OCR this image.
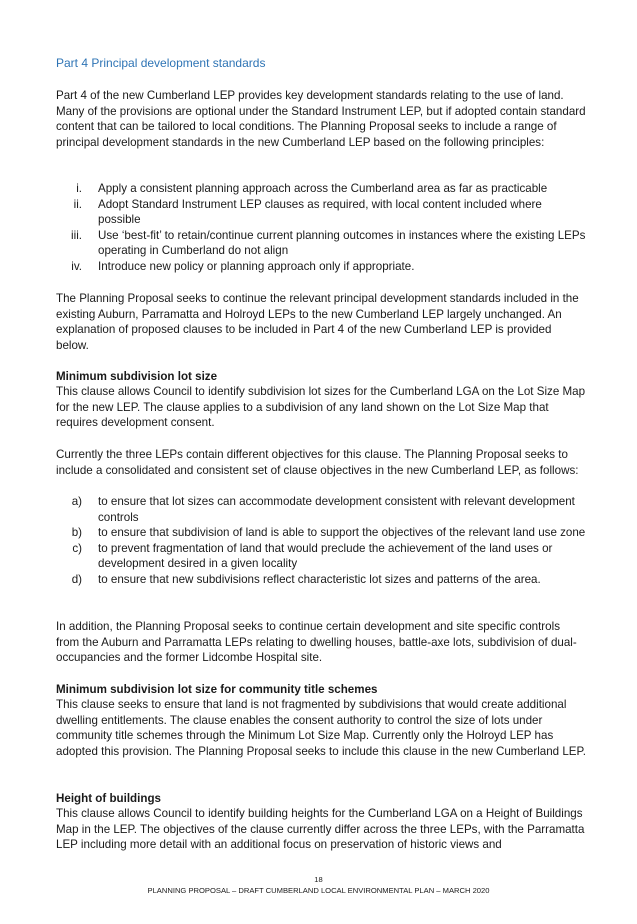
Part 4 Principal development standards

Part 4 of the new Cumberland LEP provides key development standards relating to the use of land. Many of the provisions are optional under the Standard Instrument LEP, but if adopted contain standard content that can be tailored to local conditions. The Planning Proposal seeks to include a range of principal development standards in the new Cumberland LEP based on the following principles:

i. Apply a consistent planning approach across the Cumberland area as far as practicable
ii. Adopt Standard Instrument LEP clauses as required, with local content included where possible
iii. Use ‘best-fit’ to retain/continue current planning outcomes in instances where the existing LEPs operating in Cumberland do not align
iv. Introduce new policy or planning approach only if appropriate.

The Planning Proposal seeks to continue the relevant principal development standards included in the existing Auburn, Parramatta and Holroyd LEPs to the new Cumberland LEP largely unchanged. An explanation of proposed clauses to be included in Part 4 of the new Cumberland LEP is provided below.

Minimum subdivision lot size

This clause allows Council to identify subdivision lot sizes for the Cumberland LGA on the Lot Size Map for the new LEP. The clause applies to a subdivision of any land shown on the Lot Size Map that requires development consent.

Currently the three LEPs contain different objectives for this clause. The Planning Proposal seeks to include a consolidated and consistent set of clause objectives in the new Cumberland LEP, as follows:

a) to ensure that lot sizes can accommodate development consistent with relevant development controls
b) to ensure that subdivision of land is able to support the objectives of the relevant land use zone
c) to prevent fragmentation of land that would preclude the achievement of the land uses or development desired in a given locality
d) to ensure that new subdivisions reflect characteristic lot sizes and patterns of the area.

In addition, the Planning Proposal seeks to continue certain development and site specific controls from the Auburn and Parramatta LEPs relating to dwelling houses, battle-axe lots, subdivision of dual-occupancies and the former Lidcombe Hospital site.

Minimum subdivision lot size for community title schemes

This clause seeks to ensure that land is not fragmented by subdivisions that would create additional dwelling entitlements. The clause enables the consent authority to control the size of lots under community title schemes through the Minimum Lot Size Map. Currently only the Holroyd LEP has adopted this provision. The Planning Proposal seeks to include this clause in the new Cumberland LEP.

Height of buildings

This clause allows Council to identify building heights for the Cumberland LGA on a Height of Buildings Map in the LEP. The objectives of the clause currently differ across the three LEPs, with the Parramatta LEP including more detail with an additional focus on preservation of historic views and

18
PLANNING PROPOSAL – DRAFT CUMBERLAND LOCAL ENVIRONMENTAL PLAN – MARCH 2020
